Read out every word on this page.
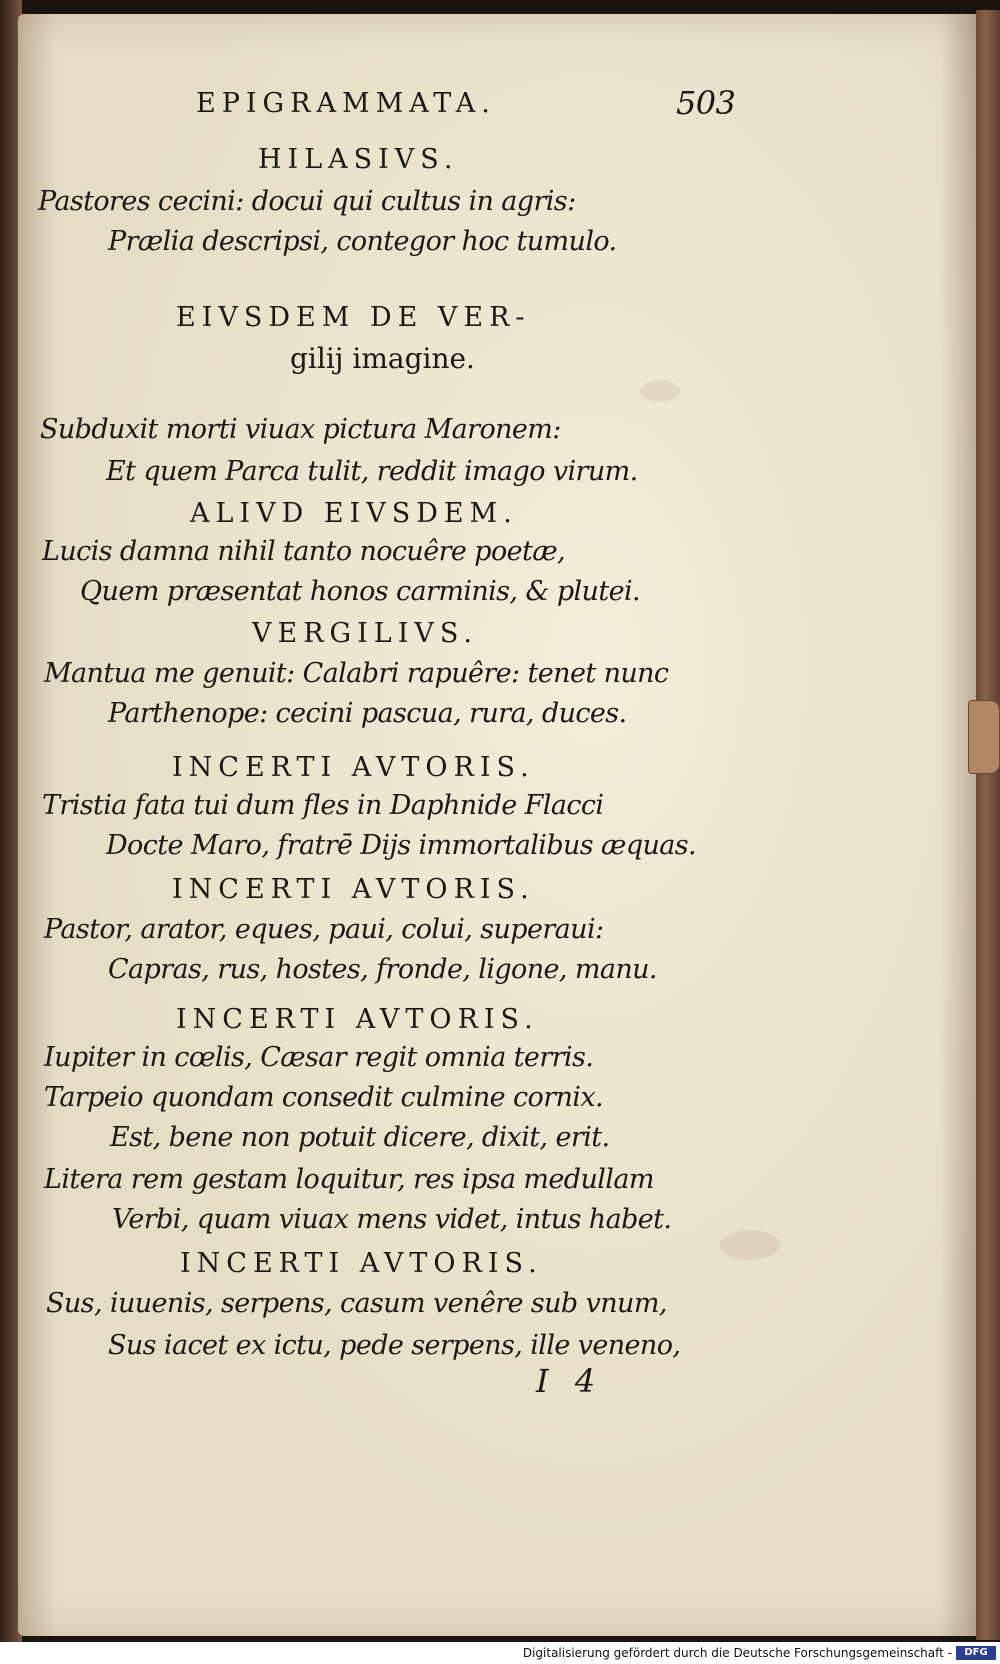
EPIGRAMMATA.	503
HILASIVS.
Pastores cecini: docui qui cultus in agris:
Prælia descripsi, contegor hoc tumulo.
EIVSDEM DE VER-
gilij imagine.
Subduxit morti viuax pictura Maronem:
Et quem Parca tulit, reddit imago virum.
ALIVD EIVSDEM.
Lucis damna nihil tanto nocuêre poetæ,
Quem præsentat honos carminis, & plutei.
VERGILIVS.
Mantua me genuit: Calabri rapuêre: tenet nunc
Parthenope: cecini pascua, rura, duces.
INCERTI AVTORIS.
Tristia fata tui dum fles in Daphnide Flacci
Docte Maro, fratrē Dijs immortalibus æquas.
INCERTI AVTORIS.
Pastor, arator, eques, paui, colui, superaui:
Capras, rus, hostes, fronde, ligone, manu.
INCERTI AVTORIS.
Iupiter in cœlis, Cæsar regit omnia terris.
Tarpeio quondam consedit culmine cornix.
Est, bene non potuit dicere, dixit, erit.
Litera rem gestam loquitur, res ipsa medullam
Verbi, quam viuax mens videt, intus habet.
INCERTI AVTORIS.
Sus, iuuenis, serpens, casum venêre sub vnum,
Sus iacet ex ictu, pede serpens, ille veneno,
I 4
Digitalisierung gefördert durch die Deutsche Forschungsgemeinschaft -	DFG
